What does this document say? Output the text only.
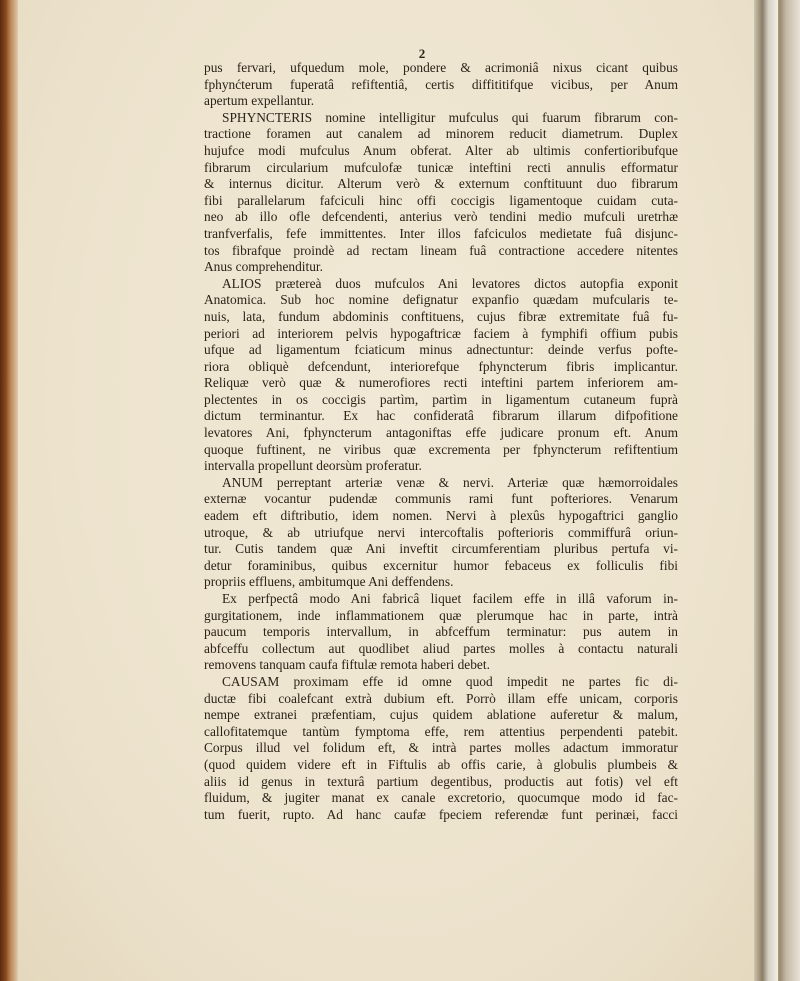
2
pus fervari, ufquedum mole, pondere & acrimoniâ nixus cicant quibus
fphynćterum fuperatâ refiftentiâ, certis diffititifque vicibus, per Anum
apertum expellantur.
SPHYNCTERIS nomine intelligitur mufculus qui fuarum fibrarum con-
tractione foramen aut canalem ad minorem reducit diametrum. Duplex
hujufce modi mufculus Anum obferat. Alter ab ultimis confertioribufque
fibrarum circularium mufculofæ tunicæ inteftini recti annulis efformatur
& internus dicitur. Alterum verò & externum conftituunt duo fibrarum
fibi parallelarum fafciculi hinc offi coccigis ligamentoque cuidam cuta-
neo ab illo ofle defcendenti, anterius verò tendini medio mufculi uretrhæ
tranfverfalis, fefe immittentes. Inter illos fafciculos medietate fuâ disjunc-
tos fibrafque proindè ad rectam lineam fuâ contractione accedere nitentes
Anus comprehenditur.
ALIOS prætereà duos mufculos Ani levatores dictos autopfia exponit
Anatomica. Sub hoc nomine defignatur expanfio quædam mufcularis te-
nuis, lata, fundum abdominis conftituens, cujus fibræ extremitate fuâ fu-
periori ad interiorem pelvis hypogaftricæ faciem à fymphifi offium pubis
ufque ad ligamentum fciaticum minus adnectuntur: deinde verfus pofte-
riora obliquè defcendunt, interiorefque fphyncterum fibris implicantur.
Reliquæ verò quæ & numerofiores recti inteftini partem inferiorem am-
plectentes in os coccigis partìm, partìm in ligamentum cutaneum fuprà
dictum terminantur. Ex hac confideratâ fibrarum illarum difpofitione
levatores Ani, fphyncterum antagoniftas effe judicare pronum eft. Anum
quoque fuftinent, ne viribus quæ excrementa per fphyncterum refiftentium
intervalla propellunt deorsùm proferatur.
ANUM perreptant arteriæ venæ & nervi. Arteriæ quæ hæmorroidales
externæ vocantur pudendæ communis rami funt pofteriores. Venarum
eadem eft diftributio, idem nomen. Nervi à plexûs hypogaftrici ganglio
utroque, & ab utriufque nervi intercoftalis pofterioris commiffurâ oriun-
tur. Cutis tandem quæ Ani inveftit circumferentiam pluribus pertufa vi-
detur foraminibus, quibus excernitur humor febaceus ex folliculis fibi
propriis effluens, ambitumque Ani deffendens.
Ex perfpectâ modo Ani fabricâ liquet facilem effe in illâ vaforum in-
gurgitationem, inde inflammationem quæ plerumque hac in parte, intrà
paucum temporis intervallum, in abfceffum terminatur: pus autem in
abfceffu collectum aut quodlibet aliud partes molles à contactu naturali
removens tanquam caufa fiftulæ remota haberi debet.
CAUSAM proximam effe id omne quod impedit ne partes fic di-
ductæ fibi coalefcant extrà dubium eft. Porrò illam effe unicam, corporis
nempe extranei præfentiam, cujus quidem ablatione auferetur & malum,
callofitatemque tantùm fymptoma effe, rem attentius perpendenti patebit.
Corpus illud vel folidum eft, & intrà partes molles adactum immoratur
(quod quidem videre eft in Fiftulis ab offis carie, à globulis plumbeis &
aliis id genus in texturâ partium degentibus, productis aut fotis) vel eft
fluidum, & jugiter manat ex canale excretorio, quocumque modo id fac-
tum fuerit, rupto. Ad hanc caufæ fpeciem referendæ funt perinæi, facci
